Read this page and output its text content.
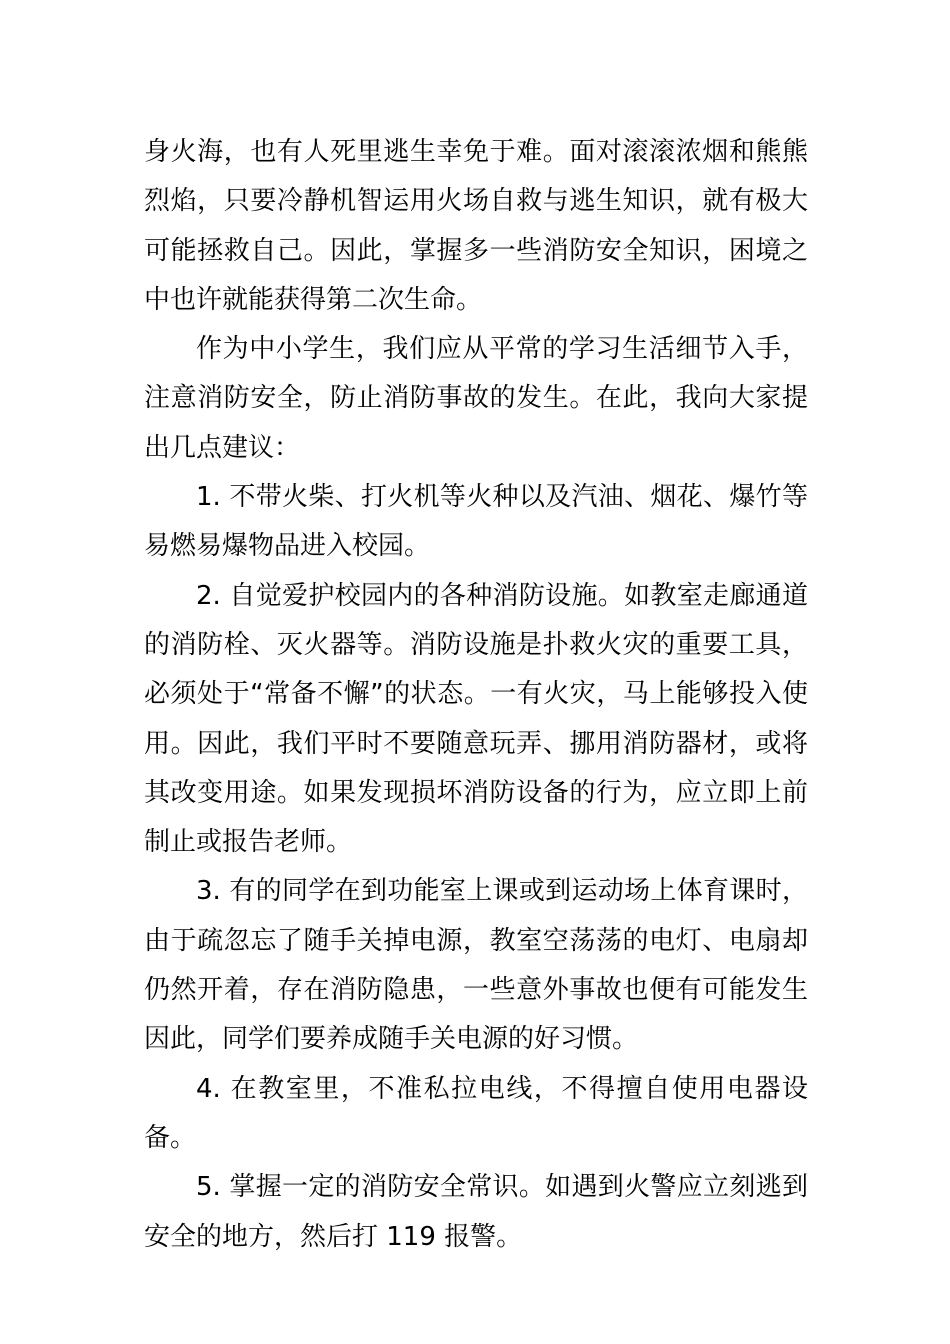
身火海，也有人死里逃生幸免于难。面对滚滚浓烟和熊熊烈焰，只要冷静机智运用火场自救与逃生知识，就有极大可能拯救自己。因此，掌握多一些消防安全知识，困境之中也许就能获得第二次生命。

作为中小学生，我们应从平常的学习生活细节入手，注意消防安全，防止消防事故的发生。在此，我向大家提出几点建议：

1. 不带火柴、打火机等火种以及汽油、烟花、爆竹等易燃易爆物品进入校园。

2. 自觉爱护校园内的各种消防设施。如教室走廊通道的消防栓、灭火器等。消防设施是扑救火灾的重要工具，必须处于“常备不懈”的状态。一有火灾，马上能够投入使用。因此，我们平时不要随意玩弄、挪用消防器材，或将其改变用途。如果发现损坏消防设备的行为，应立即上前制止或报告老师。

3. 有的同学在到功能室上课或到运动场上体育课时，由于疏忽忘了随手关掉电源，教室空荡荡的电灯、电扇却仍然开着，存在消防隐患，一些意外事故也便有可能发生因此，同学们要养成随手关电源的好习惯。

4. 在教室里，不准私拉电线，不得擅自使用电器设备。

5. 掌握一定的消防安全常识。如遇到火警应立刻逃到安全的地方，然后打 119 报警。
